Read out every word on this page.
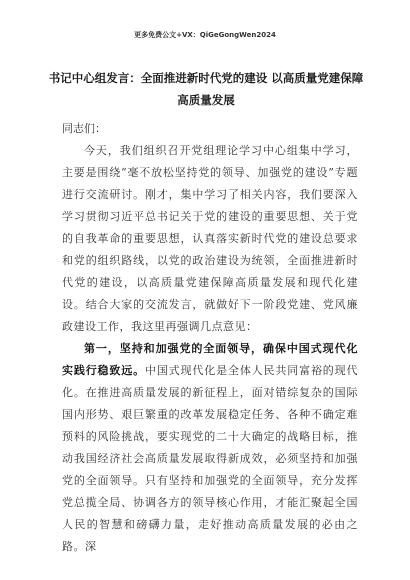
更多免费公文+VX：QiGeGongWen2024
书记中心组发言：全面推进新时代党的建设 以高质量党建保障高质量发展

同志们：

今天，我们组织召开党组理论学习中心组集中学习，主要是围绕“毫不放松坚持党的领导、加强党的建设”专题进行交流研讨。刚才，集中学习了相关内容，我们要深入学习贯彻习近平总书记关于党的建设的重要思想、关于党的自我革命的重要思想，认真落实新时代党的建设总要求和党的组织路线，以党的政治建设为统领，全面推进新时代党的建设，以高质量党建保障高质量发展和现代化建设。结合大家的交流发言，就做好下一阶段党建、党风廉政建设工作，我这里再强调几点意见：

第一，坚持和加强党的全面领导，确保中国式现代化实践行稳致远。中国式现代化是全体人民共同富裕的现代化。在推进高质量发展的新征程上，面对错综复杂的国际国内形势、艰巨繁重的改革发展稳定任务、各种不确定难预料的风险挑战，要实现党的二十大确定的战略目标，推动我国经济社会高质量发展取得新成效，必须坚持和加强党的全面领导。只有坚持和加强党的全面领导，充分发挥党总揽全局、协调各方的领导核心作用，才能汇聚起全国人民的智慧和磅礴力量，走好推动高质量发展的必由之路。深
